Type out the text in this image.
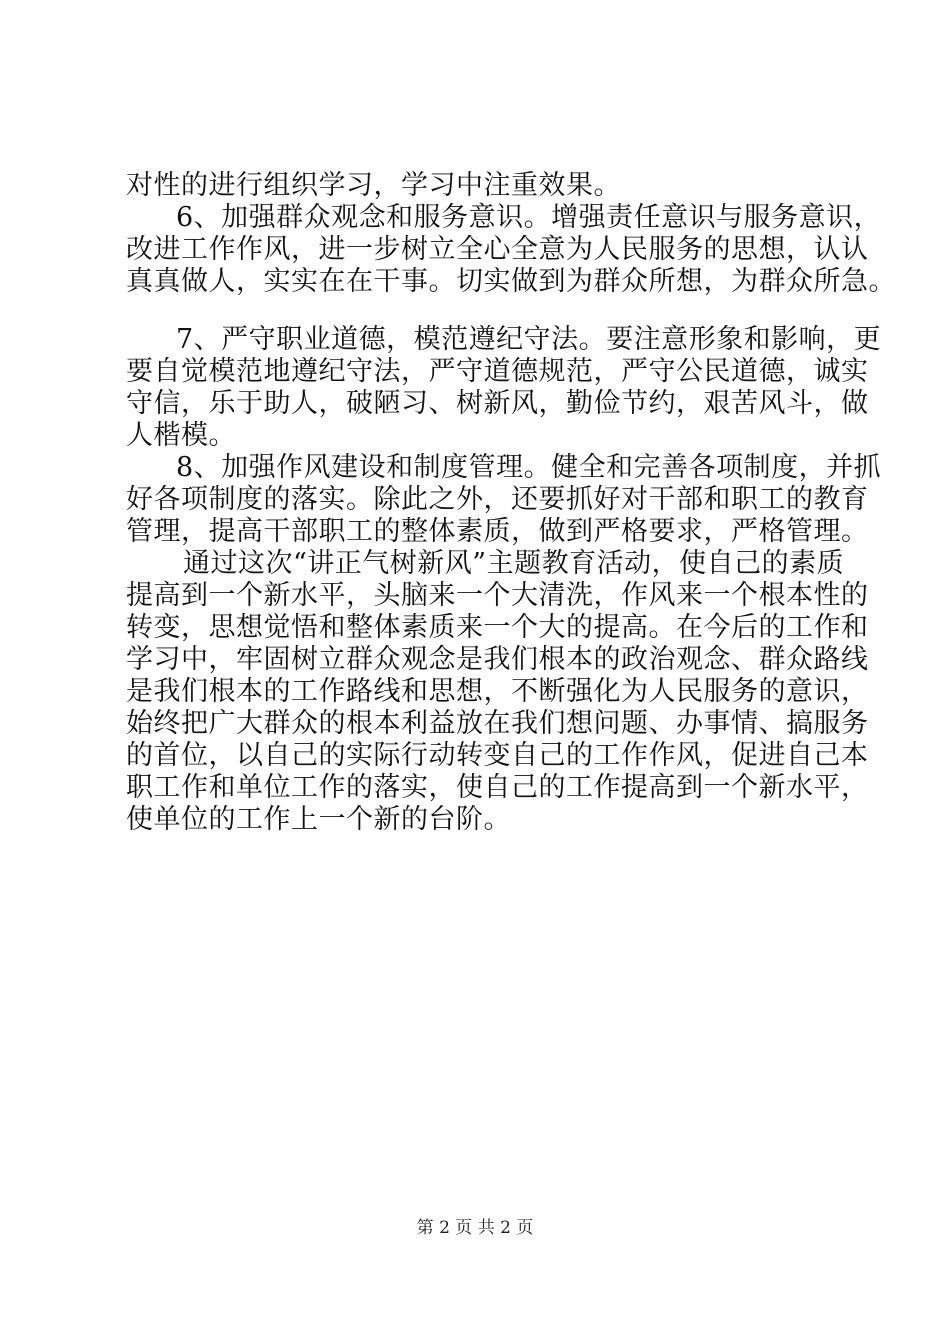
对性的进行组织学习，学习中注重效果。
6、加强群众观念和服务意识。增强责任意识与服务意识，
改进工作作风，进一步树立全心全意为人民服务的思想，认认
真真做人，实实在在干事。切实做到为群众所想，为群众所急。
7、严守职业道德，模范遵纪守法。要注意形象和影响，更
要自觉模范地遵纪守法，严守道德规范，严守公民道德，诚实
守信，乐于助人，破陋习、树新风，勤俭节约，艰苦风斗，做
人楷模。
8、加强作风建设和制度管理。健全和完善各项制度，并抓
好各项制度的落实。除此之外，还要抓好对干部和职工的教育
管理，提高干部职工的整体素质，做到严格要求，严格管理。
通过这次“讲正气树新风”主题教育活动，使自己的素质
提高到一个新水平，头脑来一个大清洗，作风来一个根本性的
转变，思想觉悟和整体素质来一个大的提高。在今后的工作和
学习中，牢固树立群众观念是我们根本的政治观念、群众路线
是我们根本的工作路线和思想，不断强化为人民服务的意识，
始终把广大群众的根本利益放在我们想问题、办事情、搞服务
的首位，以自己的实际行动转变自己的工作作风，促进自己本
职工作和单位工作的落实，使自己的工作提高到一个新水平，
使单位的工作上一个新的台阶。
第 2 页 共 2 页
